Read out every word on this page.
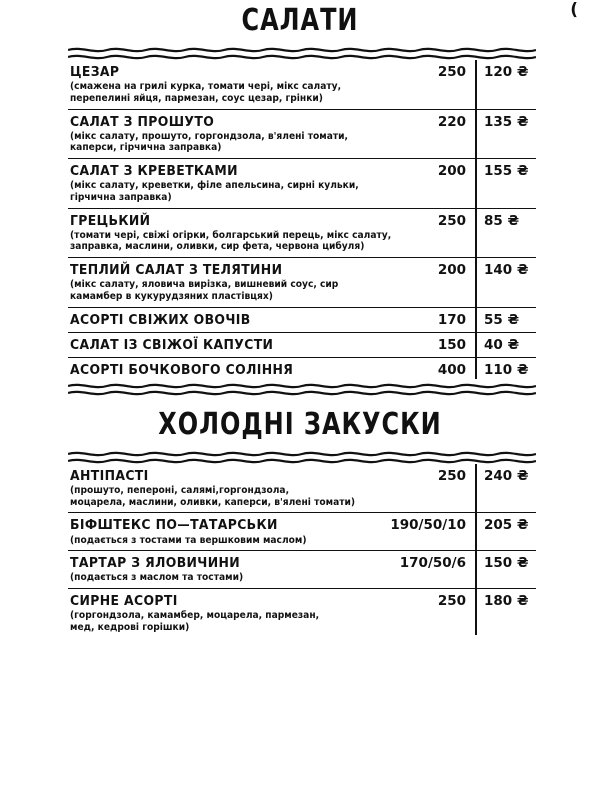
(
САЛАТИ
ЦЕЗАР
(смажена на грилі курка, томати чері, мікс салату,
перепелині яйця, пармезан, соус цезар, грінки)
250	120 ₴
САЛАТ З ПРОШУТО
(мікс салату, прошуто, горгондзола, в'ялені томати,
каперси, гірчична заправка)
220	135 ₴
САЛАТ З КРЕВЕТКАМИ
(мікс салату, креветки, філе апельсина, сирні кульки,
гірчична заправка)
200	155 ₴
ГРЕЦЬКИЙ
(томати чері, свіжі огірки, болгарський перець, мікс салату,
заправка, маслини, оливки, сир фета, червона цибуля)
250	85 ₴
ТЕПЛИЙ САЛАТ З ТЕЛЯТИНИ
(мікс салату, яловича вирізка, вишневий соус, сир
камамбер в кукурудзяних пластівцях)
200	140 ₴
АСОРТІ СВІЖИХ ОВОЧІВ	170	55 ₴
САЛАТ ІЗ СВІЖОЇ КАПУСТИ	150	40 ₴
АСОРТІ БОЧКОВОГО СОЛІННЯ	400	110 ₴
ХОЛОДНІ ЗАКУСКИ
АНТІПАСТІ
(прошуто, пепероні, салямі,горгондзола,
моцарела, маслини, оливки, каперси, в'ялені томати)
250	240 ₴
БІФШТЕКС ПО—ТАТАРСЬКИ
(подається з тостами та вершковим маслом)
190/50/10	205 ₴
ТАРТАР З ЯЛОВИЧИНИ
(подається з маслом та тостами)
170/50/6	150 ₴
СИРНЕ АСОРТІ
(горгондзола, камамбер, моцарела, пармезан,
мед, кедрові горішки)
250	180 ₴
